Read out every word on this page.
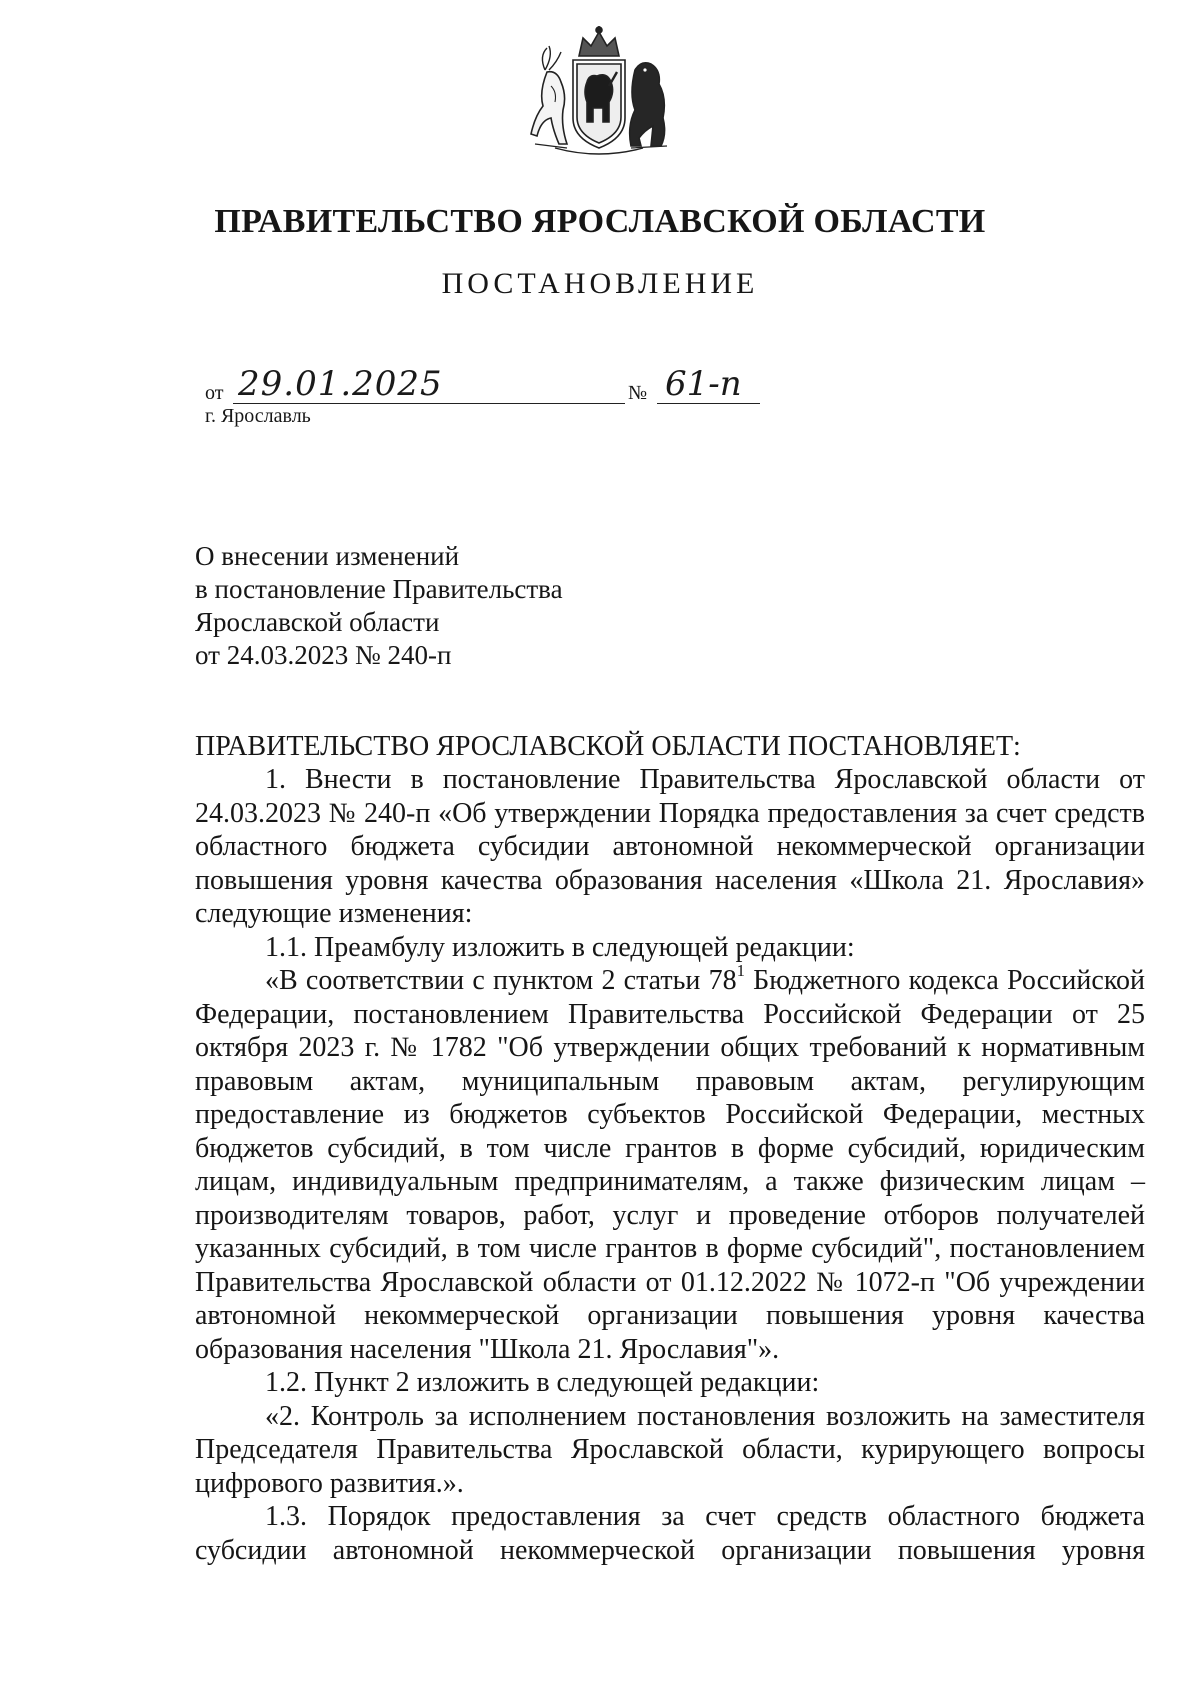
ПРАВИТЕЛЬСТВО ЯРОСЛАВСКОЙ ОБЛАСТИ
ПОСТАНОВЛЕНИЕ
от 29.01.2025	№ 61-п
г. Ярославль
О внесении изменений
в постановление Правительства
Ярославской области
от 24.03.2023 № 240-п
ПРАВИТЕЛЬСТВО ЯРОСЛАВСКОЙ ОБЛАСТИ ПОСТАНОВЛЯЕТ:

1. Внести в постановление Правительства Ярославской области от 24.03.2023 № 240-п «Об утверждении Порядка предоставления за счет средств областного бюджета субсидии автономной некоммерческой организации повышения уровня качества образования населения «Школа 21. Ярославия» следующие изменения:

1.1. Преамбулу изложить в следующей редакции:

«В соответствии с пунктом 2 статьи $78^1$ Бюджетного кодекса Российской Федерации, постановлением Правительства Российской Федерации от 25 октября 2023 г. № 1782 "Об утверждении общих требований к нормативным правовым актам, муниципальным правовым актам, регулирующим предоставление из бюджетов субъектов Российской Федерации, местных бюджетов субсидий, в том числе грантов в форме субсидий, юридическим лицам, индивидуальным предпринимателям, а также физическим лицам – производителям товаров, работ, услуг и проведение отборов получателей указанных субсидий, в том числе грантов в форме субсидий", постановлением Правительства Ярославской области от 01.12.2022 № 1072-п "Об учреждении автономной некоммерческой организации повышения уровня качества образования населения "Школа 21. Ярославия"».

1.2. Пункт 2 изложить в следующей редакции:

«2. Контроль за исполнением постановления возложить на заместителя Председателя Правительства Ярославской области, курирующего вопросы цифрового развития.».

1.3. Порядок предоставления за счет средств областного бюджета субсидии автономной некоммерческой организации повышения уровня
